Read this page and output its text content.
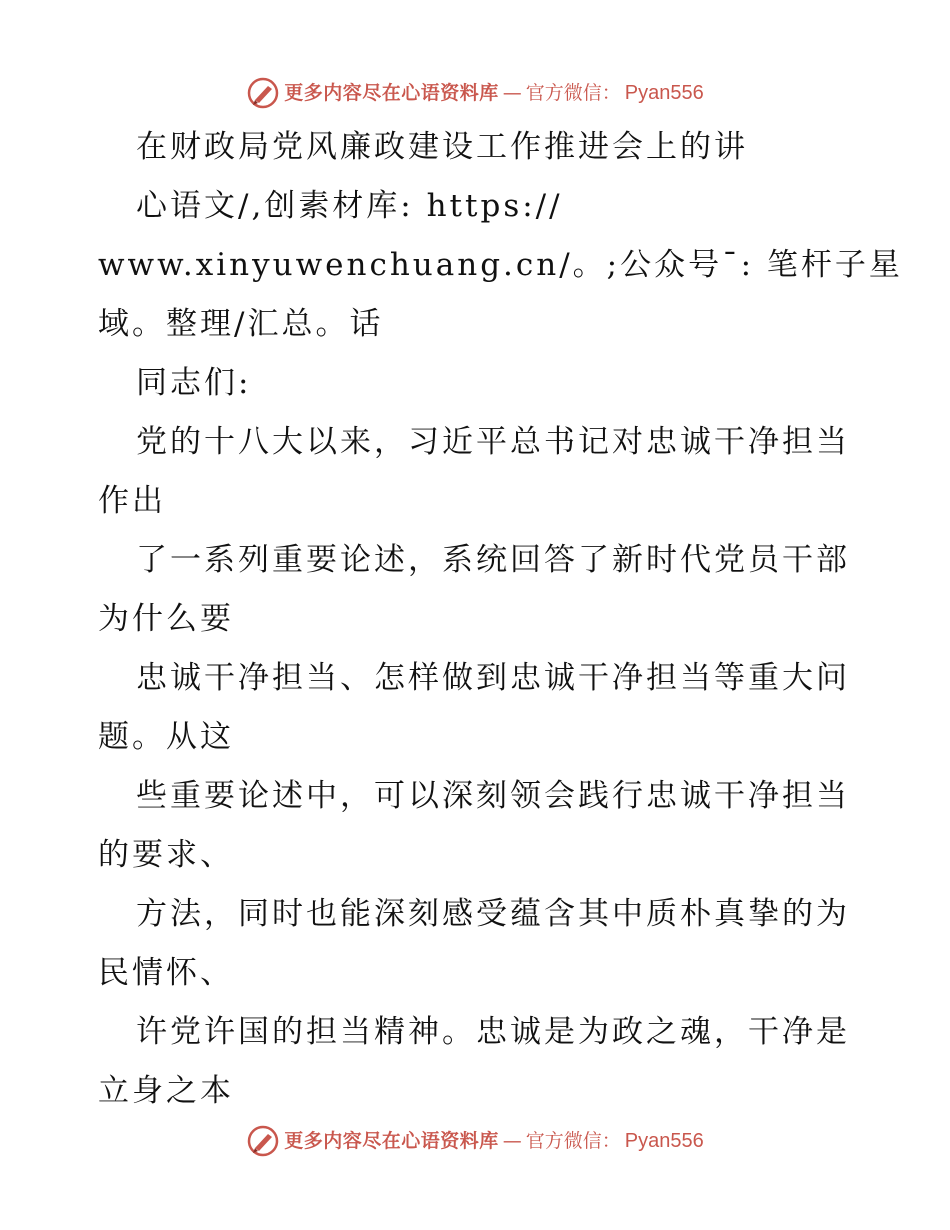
更多内容尽在心语资料库 — 官方微信： Pyan556
在财政局党风廉政建设工作推进会上的讲
心语文/,创素材库: https://
www.xinyuwenchuang.cn/。;公众号¯: 笔杆子星
域。整理/汇总。话
同志们:
党的十八大以来，习近平总书记对忠诚干净担当
作出
了一系列重要论述，系统回答了新时代党员干部
为什么要
忠诚干净担当、怎样做到忠诚干净担当等重大问
题。从这
些重要论述中，可以深刻领会践行忠诚干净担当
的要求、
方法，同时也能深刻感受蕴含其中质朴真挚的为
民情怀、
许党许国的担当精神。忠诚是为政之魂，干净是
立身之本
更多内容尽在心语资料库 — 官方微信： Pyan556
